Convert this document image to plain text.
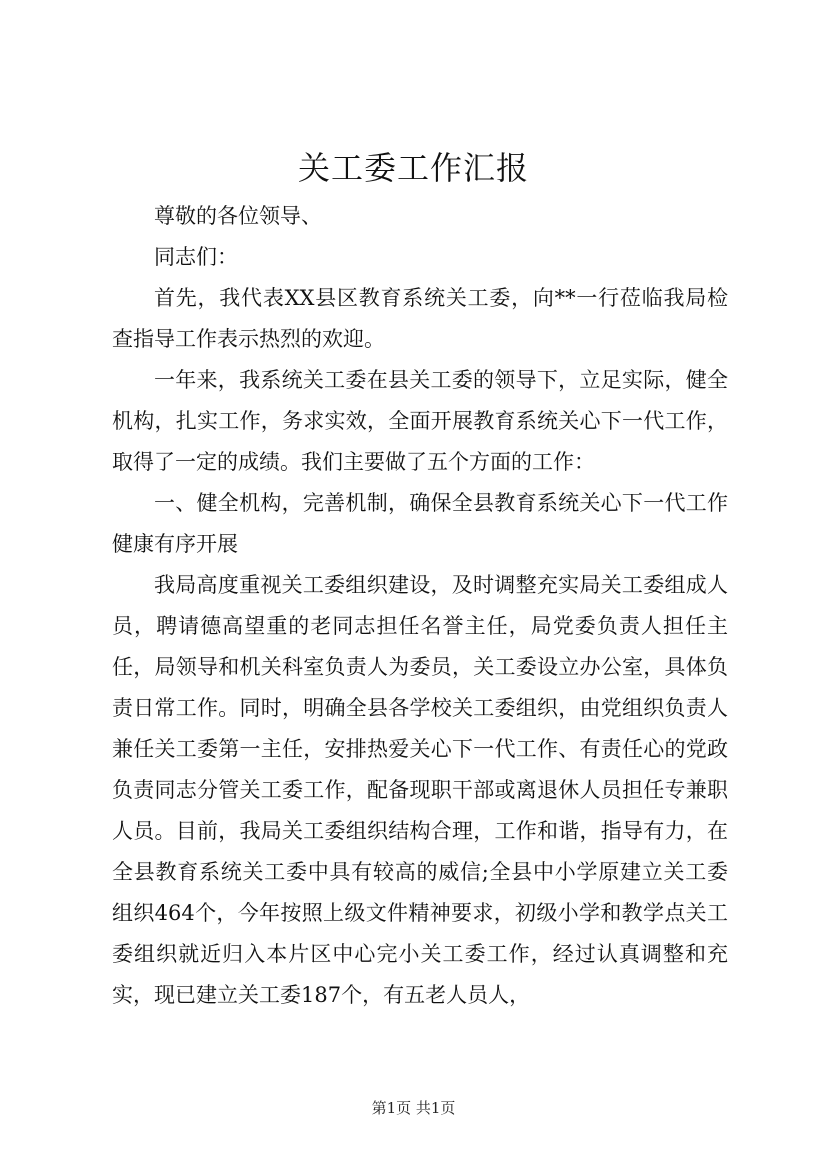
关工委工作汇报

尊敬的各位领导、

同志们：

首先，我代表XX县区教育系统关工委，向**一行莅临我局检查指导工作表示热烈的欢迎。

一年来，我系统关工委在县关工委的领导下，立足实际，健全机构，扎实工作，务求实效，全面开展教育系统关心下一代工作，取得了一定的成绩。我们主要做了五个方面的工作：

一、健全机构，完善机制，确保全县教育系统关心下一代工作健康有序开展

我局高度重视关工委组织建设，及时调整充实局关工委组成人员，聘请德高望重的老同志担任名誉主任，局党委负责人担任主任，局领导和机关科室负责人为委员，关工委设立办公室，具体负责日常工作。同时，明确全县各学校关工委组织，由党组织负责人兼任关工委第一主任，安排热爱关心下一代工作、有责任心的党政负责同志分管关工委工作，配备现职干部或离退休人员担任专兼职人员。目前，我局关工委组织结构合理，工作和谐，指导有力，在全县教育系统关工委中具有较高的威信;全县中小学原建立关工委组织464个，今年按照上级文件精神要求，初级小学和教学点关工委组织就近归入本片区中心完小关工委工作，经过认真调整和充实，现已建立关工委187个，有五老人员人，

第1页 共1页
